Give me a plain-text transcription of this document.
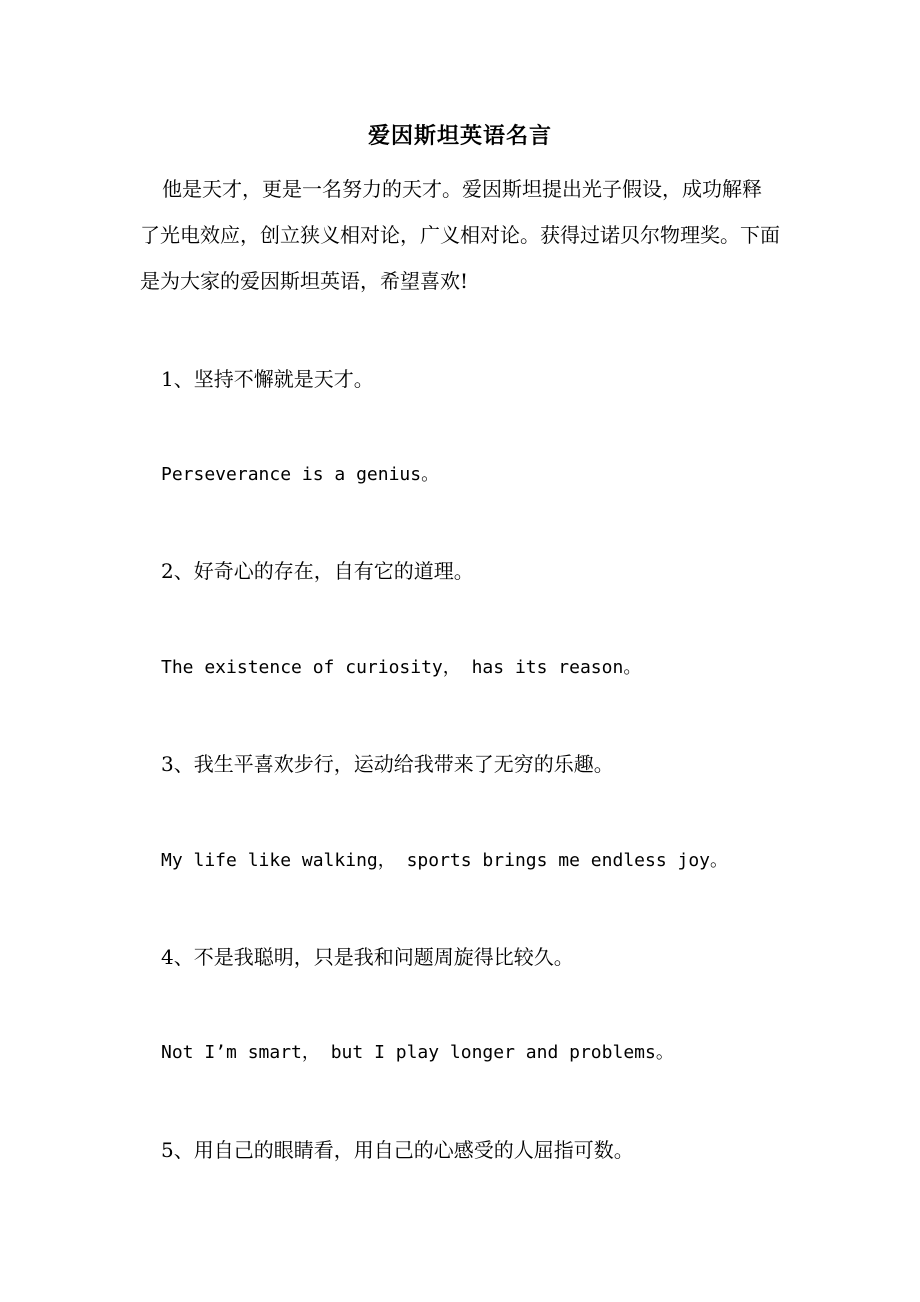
爱因斯坦英语名言
他是天才，更是一名努力的天才。爱因斯坦提出光子假设，成功解释了光电效应，创立狭义相对论，广义相对论。获得过诺贝尔物理奖。下面是为大家的爱因斯坦英语，希望喜欢!
1、坚持不懈就是天才。
Perseverance is a genius。
2、好奇心的存在，自有它的道理。
The existence of curiosity， has its reason。
3、我生平喜欢步行，运动给我带来了无穷的乐趣。
My life like walking， sports brings me endless joy。
4、不是我聪明，只是我和问题周旋得比较久。
Not I’m smart， but I play longer and problems。
5、用自己的眼睛看，用自己的心感受的人屈指可数。
